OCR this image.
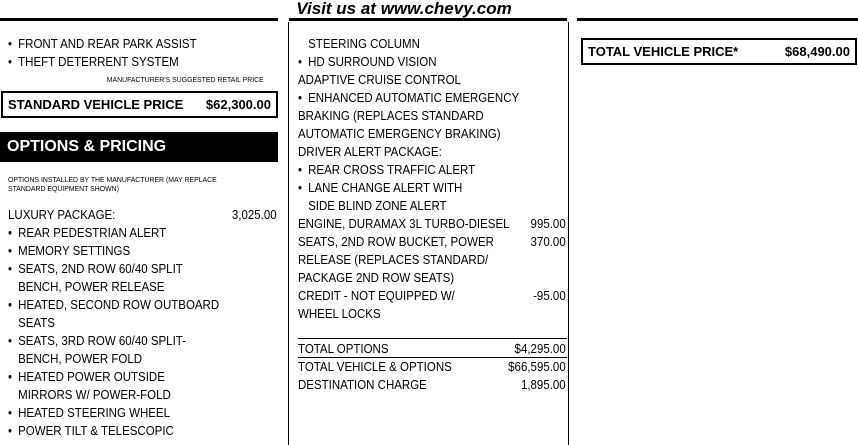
Visit us at www.chevy.com
• FRONT AND REAR PARK ASSIST
• THEFT DETERRENT SYSTEM
MANUFACTURER'S SUGGESTED RETAIL PRICE
STANDARD VEHICLE PRICE $62,300.00
OPTIONS & PRICING
OPTIONS INSTALLED BY THE MANUFACTURER (MAY REPLACE
STANDARD EQUIPMENT SHOWN)
LUXURY PACKAGE:	3,025.00
• REAR PEDESTRIAN ALERT
• MEMORY SETTINGS
• SEATS, 2ND ROW 60/40 SPLIT
BENCH, POWER RELEASE
• HEATED, SECOND ROW OUTBOARD
SEATS
• SEATS, 3RD ROW 60/40 SPLIT-
BENCH, POWER FOLD
• HEATED POWER OUTSIDE
MIRRORS W/ POWER-FOLD
• HEATED STEERING WHEEL
• POWER TILT & TELESCOPIC
STEERING COLUMN
• HD SURROUND VISION
ADAPTIVE CRUISE CONTROL
• ENHANCED AUTOMATIC EMERGENCY
BRAKING (REPLACES STANDARD
AUTOMATIC EMERGENCY BRAKING)
DRIVER ALERT PACKAGE:
• REAR CROSS TRAFFIC ALERT
• LANE CHANGE ALERT WITH
SIDE BLIND ZONE ALERT
ENGINE, DURAMAX 3L TURBO-DIESEL 995.00
SEATS, 2ND ROW BUCKET, POWER	370.00
RELEASE (REPLACES STANDARD/
PACKAGE 2ND ROW SEATS)
CREDIT - NOT EQUIPPED W/	-95.00
WHEEL LOCKS
TOTAL OPTIONS	$4,295.00
TOTAL VEHICLE & OPTIONS	$66,595.00
DESTINATION CHARGE	1,895.00
TOTAL VEHICLE PRICE*	$68,490.00
